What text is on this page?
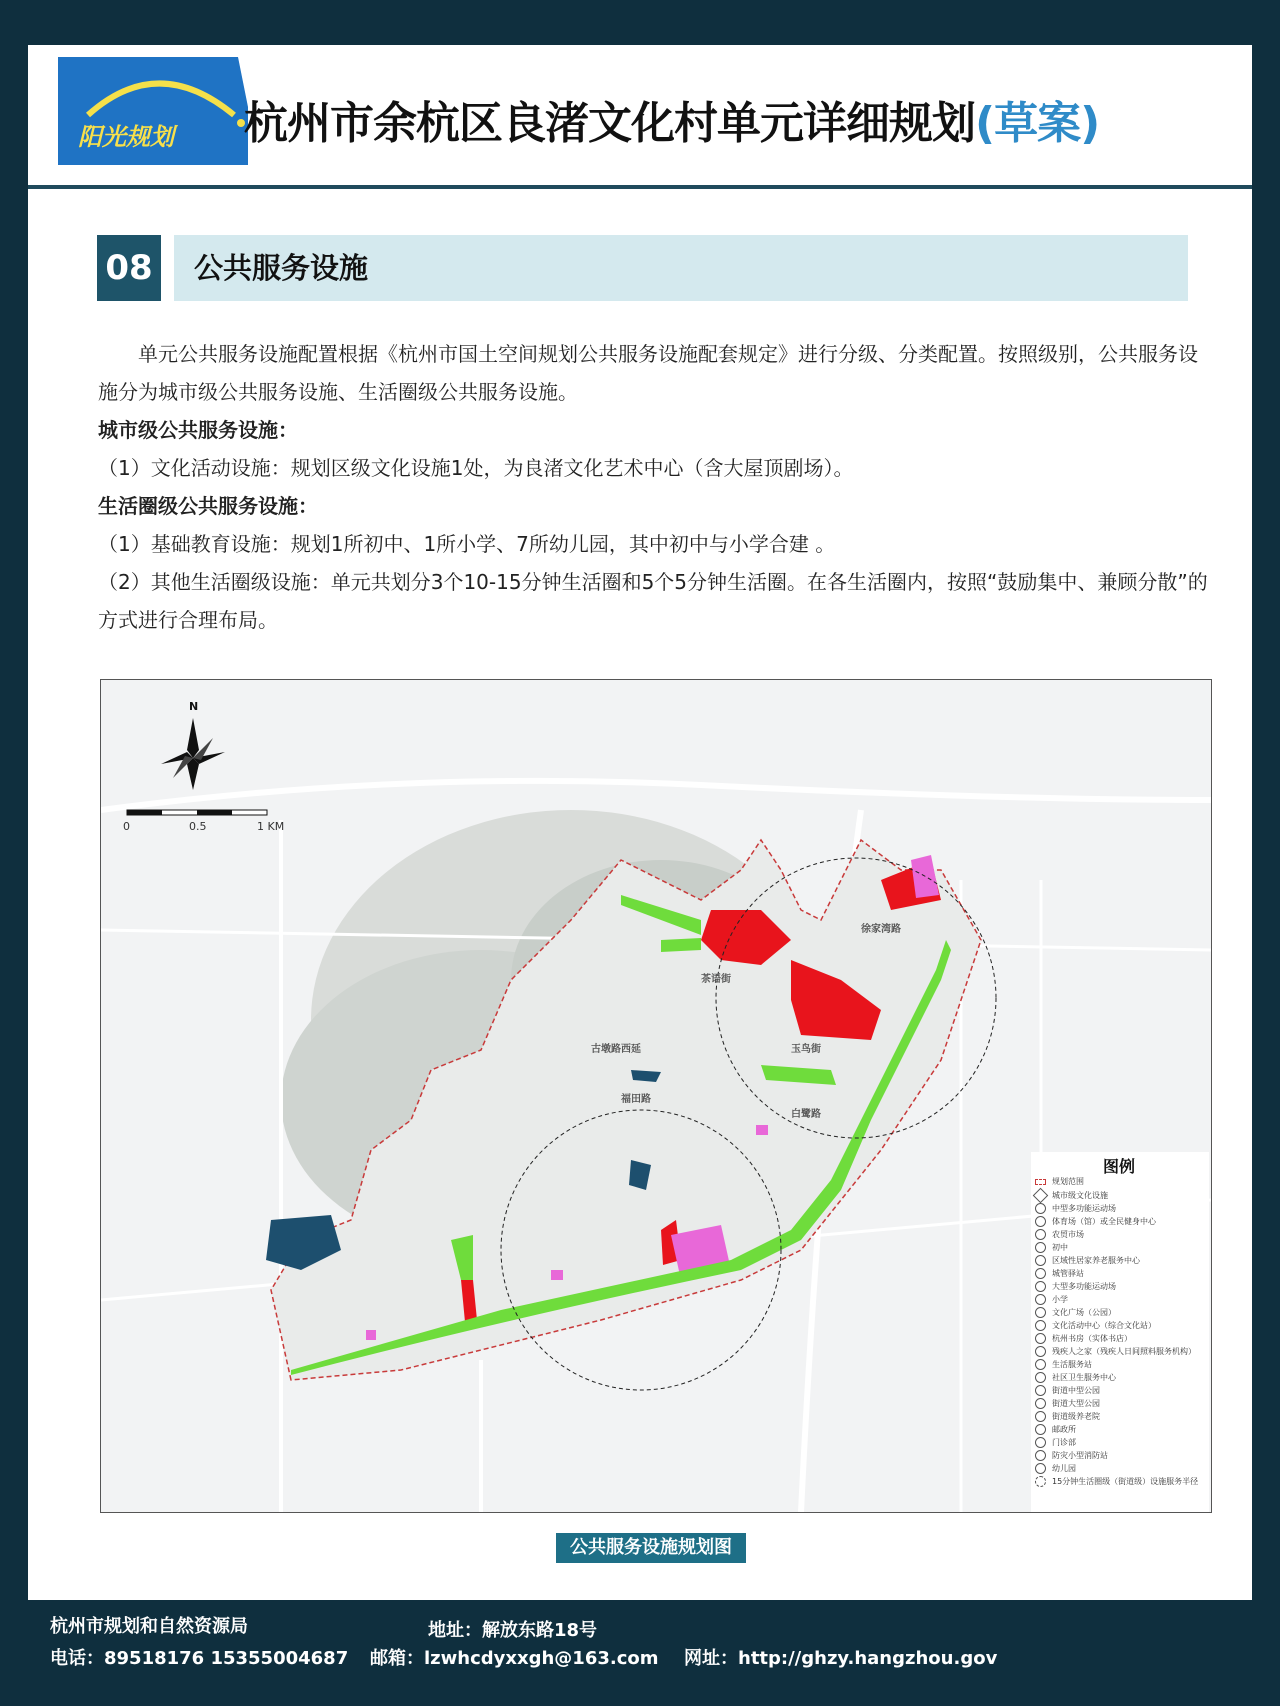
阳光规划 杭州市余杭区良渚文化村单元详细规划(草案)
08 公共服务设施

单元公共服务设施配置根据《杭州市国土空间规划公共服务设施配套规定》进行分级、分类配置。按照级别，公共服务设施分为城市级公共服务设施、生活圈级公共服务设施。

城市级公共服务设施：

（1）文化活动设施：规划区级文化设施1处，为良渚文化艺术中心（含大屋顶剧场）。

生活圈级公共服务设施：

（1）基础教育设施：规划1所初中、1所小学、7所幼儿园，其中初中与小学合建 。

（2）其他生活圈级设施：单元共划分3个10-15分钟生活圈和5个5分钟生活圈。在各生活圈内，按照“鼓励集中、兼顾分散”的方式进行合理布局。

N
0	0.5	1 KM
古墩路西延
福田路
茶语街
玉鸟街
白鹭路
徐家湾路
图例
规划范围
城市级文化设施
中型多功能运动场
体育场（馆）或全民健身中心
农贸市场
初中
区域性居家养老服务中心
城管驿站
大型多功能运动场
小学
文化广场（公园）
文化活动中心（综合文化站）
杭州书房（实体书店）
残疾人之家（残疾人日间照料服务机构）
生活服务站
社区卫生服务中心
街道中型公园
街道大型公园
街道级养老院
邮政所
门诊部
防灾小型消防站
幼儿园
15分钟生活圈级（街道级）设施服务半径
公共服务设施规划图
杭州市规划和自然资源局	地址：解放东路18号
电话：89518176 15355004687 邮箱：lzwhcdyxxgh@163.com 网址：http://ghzy.hangzhou.gov
